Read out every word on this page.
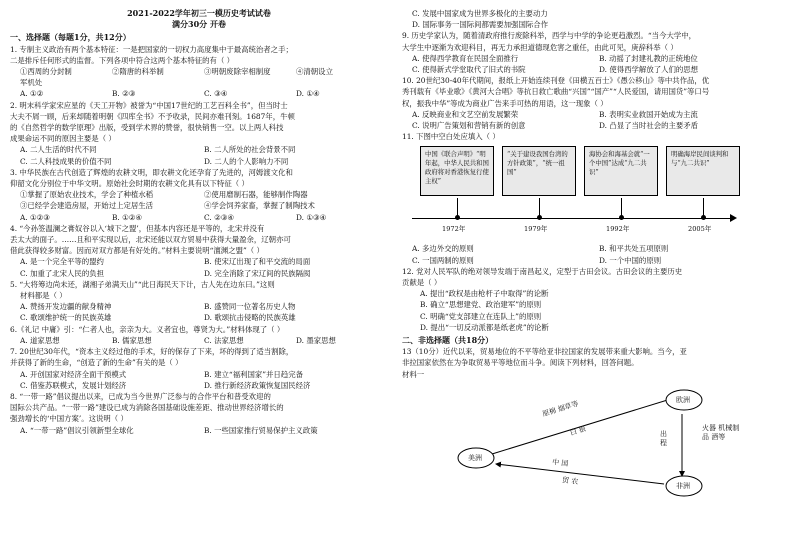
2021-2022学年初三一模历史考试试卷
满分30分 开卷
一、选择题（每题1分，共12分）
1. 专制主义政治有两个基本特征：一是把国家的一切权力高度集中于最高统治者之手；
二是排斥任何形式的监督。下列各项中符合这两个基本特征的有（ ）
①西周的分封制	②隋唐的科举制	③明朝废除宰相制度	④清朝设立
军机处
A. ①②	B. ②③	C. ③④	D. ①④
2. 明末科学家宋应星的《天工开物》被誉为“中国17世纪的工艺百科全书”，但当时士
大夫不屑一顾，后来却随着明朝《四库全书》不予收录，民间亦难刊刻。1687年，牛顿
的《自然哲学的数学原理》出版，受到学术界的赞誉，很快销售一空。以上两人科技
成果命运不同的原因主要是（ ）
A. 二人生活的时代不同	B. 二人所处的社会背景不同
C. 二人科技成果的价值不同	D. 二人的个人影响力不同
3. 中华民族在古代创造了辉煌的农耕文明，即农耕文化还孕育了先进的，河姆渡文化和
仰韶文化分别位于中华文明。原始社会时期的农耕文化具有以下特征（ ）
①掌握了原始农业技术，学会了种植水稻	②使用磨制石器，能够制作陶器
③已经学会建造房屋，开始过上定居生活	④学会饲养家畜，掌握了制陶技术
A. ①②③	B. ①②④	C. ②③④	D. ①③④
4. “今孙签温澜之膏奴谷以入‘城下之盟’，但基本内容还是平等的，北宋并没有
丢太大的面子。……且和平实现以后，北宋还能以双方贸易中获得大量盈余，辽朝亦可
借此获得较多财富。因而对双方都是有好处的。”材料主要说明“澶渊之盟”（ ）
A. 是一个完全平等的盟约	B. 使宋辽出现了和平交流的局面
C. 加重了北宋人民的负担	D. 完全消除了宋辽间的民族隔阂
5. “大将筹边尚未还，湖湘子弟满天山”“此日海民天下计，古人先在边东曰。”这则
材料都是（ ）
A. 赞扬开发边疆的献身精神	B. 盛赞同一位著名历史人物
C. 歌颂维护统一的民族英雄	D. 歌颂抗击侵略的民族英雄
6.《礼记 中庸》引：“仁者人也，亲亲为大。义者宜也，尊贤为大。”材料体现了（ ）
A. 道家思想	B. 儒家思想	C. 法家思想	D. 墨家思想
7. 20世纪30年代，“资本主义经过他的手术，好的保存了下来，坏的得到了适当割除，
并获得了新的生命，“创造了新的生命”有关的是（ ）
A. 开创国家对经济全面干预模式	B. 建立“福利国家”并日趋完备
C. 借鉴苏联模式，发展计划经济	D. 推行新经济政策恢复国民经济
8. “一带一路”倡议提出以来，已成为当今世界广泛参与的合作平台和普受欢迎的
国际公共产品。“一带一路”建设已成为消除各国基础设施差距、推动世界经济增长的
强劲增长的‘中国方案’。这说明（ ）
A. “一带一路”倡议引领新型全球化	B. 一些国家推行贸易保护主义政策
C. 发展中国家成为世界多极化的主要动力
D. 国际事务一国际间都需要加强国际合作
9. 历史学家认为，随着清政府推行废除科举，西学与中学的争论更趋激烈。“当今大学中，
大学生中逐渐为欢迎科目，再无力承担道德现危害之重任，由此可见，庚辞科举（ ）
A. 使得西学教育在民国全面推行	B. 动摇了封建礼教的正统地位
C. 使得新式学堂取代了旧式的书院	D. 使得西学解放了人们的思想
10. 20世纪30-40年代期间，报纸上开始连续刊登《田横五百士》《愚公移山》等中共作品，优
秀刊载有《毕业歌》《黄河大合唱》等抗日救亡歌曲“兴国”“国产”“人民爱国，请用国货”等口号
权，振我中华”等成为商业广告来手可热的用语，这一现象（ ）
A. 反映商业和文艺空前发展繁荣	B. 表明实业救国开始成为主流
C. 说明广告策划和营销有新的创意	D. 凸显了当时社会的主要矛盾
11. 下图中空白处应填入（ ）
中国《联合声明》“明年起，中华人民共和国政府将对香港恢复行使主权”
“关于建设我国台湾的方针政策”，“统一祖国”
海协会和海基会就“一个中国”达成“九二共识”
明确海岸民间谈判和与“九二共识”
1972年	1979年	1992年	2005年
A. 多边外交的原则	B. 和平共处五项原则
C. 一国两制的原则	D. 一个中国的原则
12. 党对人民军队的绝对领导发端于南昌起义，定型于古田会议。古田会议的主要历史
贡献是（ ）
A. 提出“政权是由枪杆子中取得”的论断
B. 确立“思想建党、政治建军”的原则
C. 明确“党支部建立在连队上”的原则
D. 提出“一切反动派都是纸老虎”的论断
二、非选择题（共18分）
13（10分）近代以来，贸易地位的不平等给亚非拉国家的发展带来重大影响。当今，亚
非拉国家依然在为争取贸易平等地位而斗争。阅读下列材料，回答问题。
材料一
欧洲
美洲
非洲
原棉 烟草等
白 银	出 程
火器 机械制品 酒等
中 国
贸 农
